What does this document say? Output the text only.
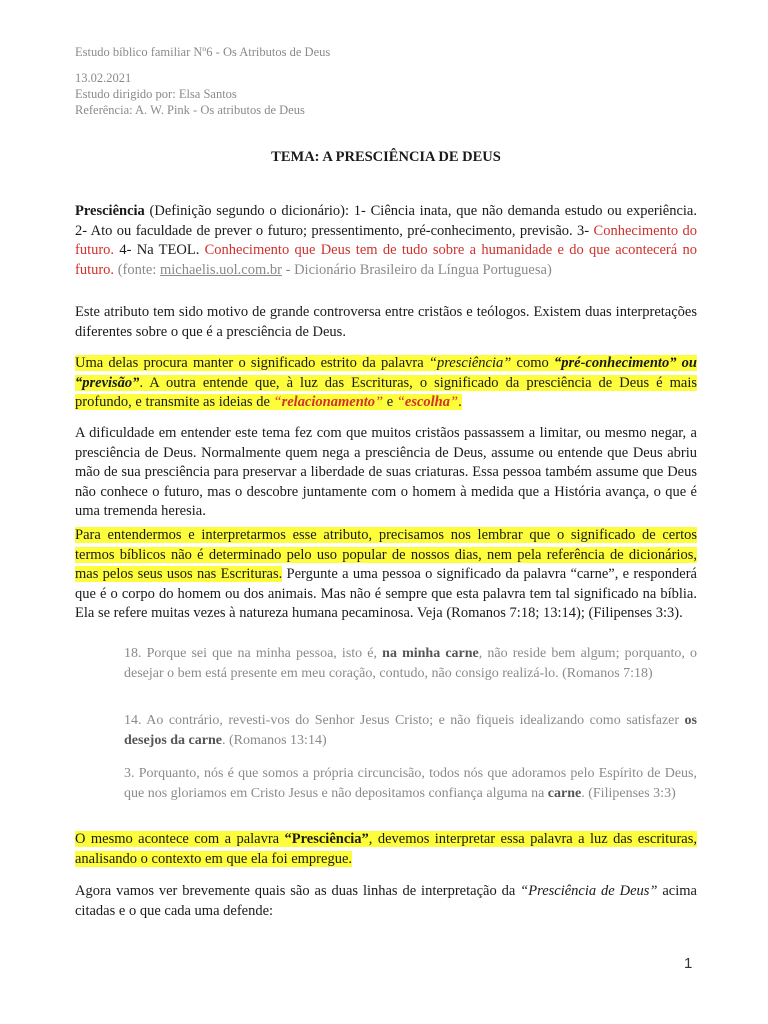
Estudo bíblico familiar Nº6 - Os Atributos de Deus
13.02.2021
Estudo dirigido por: Elsa Santos
Referência: A. W. Pink - Os atributos de Deus
TEMA: A PRESCIÊNCIA DE DEUS
Presciência (Definição segundo o dicionário): 1- Ciência inata, que não demanda estudo ou experiência. 2- Ato ou faculdade de prever o futuro; pressentimento, pré-conhecimento, previsão. 3- Conhecimento do futuro. 4- Na TEOL. Conhecimento que Deus tem de tudo sobre a humanidade e do que acontecerá no futuro. (fonte: michaelis.uol.com.br - Dicionário Brasileiro da Língua Portuguesa)
Este atributo tem sido motivo de grande controversa entre cristãos e teólogos. Existem duas interpretações diferentes sobre o que é a presciência de Deus.
Uma delas procura manter o significado estrito da palavra “presciência” como “pré-conhecimento” ou “previsão”. A outra entende que, à luz das Escrituras, o significado da presciência de Deus é mais profundo, e transmite as ideias de “relacionamento” e “escolha”.
A dificuldade em entender este tema fez com que muitos cristãos passassem a limitar, ou mesmo negar, a presciência de Deus. Normalmente quem nega a presciência de Deus, assume ou entende que Deus abriu mão de sua presciência para preservar a liberdade de suas criaturas. Essa pessoa também assume que Deus não conhece o futuro, mas o descobre juntamente com o homem à medida que a História avança, o que é uma tremenda heresia.
Para entendermos e interpretarmos esse atributo, precisamos nos lembrar que o significado de certos termos bíblicos não é determinado pelo uso popular de nossos dias, nem pela referência de dicionários, mas pelos seus usos nas Escrituras. Pergunte a uma pessoa o significado da palavra “carne”, e responderá que é o corpo do homem ou dos animais. Mas não é sempre que esta palavra tem tal significado na bíblia. Ela se refere muitas vezes à natureza humana pecaminosa. Veja (Romanos 7:18; 13:14); (Filipenses 3:3).
18. Porque sei que na minha pessoa, isto é, na minha carne, não reside bem algum; porquanto, o desejar o bem está presente em meu coração, contudo, não consigo realizá-lo. (Romanos 7:18)
14. Ao contrário, revesti-vos do Senhor Jesus Cristo; e não fiqueis idealizando como satisfazer os desejos da carne. (Romanos 13:14)
3. Porquanto, nós é que somos a própria circuncisão, todos nós que adoramos pelo Espírito de Deus, que nos gloriamos em Cristo Jesus e não depositamos confiança alguma na carne. (Filipenses 3:3)
O mesmo acontece com a palavra “Presciência”, devemos interpretar essa palavra a luz das escrituras, analisando o contexto em que ela foi empregue.
Agora vamos ver brevemente quais são as duas linhas de interpretação da “Presciência de Deus” acima citadas e o que cada uma defende:
1
